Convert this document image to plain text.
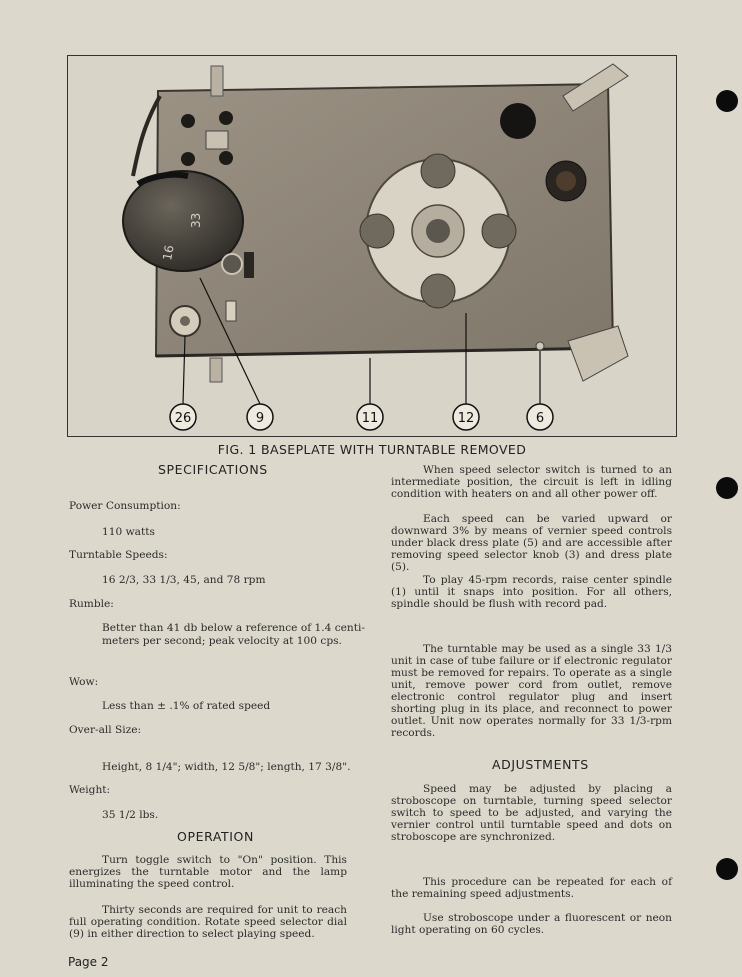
33
16
26	9	11	12	6
FIG. 1 BASEPLATE WITH TURNTABLE REMOVED
SPECIFICATIONS
Power Consumption:
110 watts
Turntable Speeds:
16 2/3, 33 1/3, 45, and 78 rpm
Rumble:
Better than 41 db below a reference of 1.4 centi-
meters per second; peak velocity at 100 cps.
Wow:
Less than ± .1% of rated speed
Over-all Size:
Height, 8 1/4"; width, 12 5/8"; length, 17 3/8".
Weight:
35 1/2 lbs.
OPERATION

Turn toggle switch to "On" position. This energizes the turntable motor and the lamp illuminating the speed control.

Thirty seconds are required for unit to reach full operating condition. Rotate speed selector dial (9) in either direction to select playing speed.

When speed selector switch is turned to an intermediate position, the circuit is left in idling condition with heaters on and all other power off.

Each speed can be varied upward or downward 3% by means of vernier speed controls under black dress plate (5) and are accessible after removing speed selector knob (3) and dress plate (5).

To play 45-rpm records, raise center spindle (1) until it snaps into position. For all others, spindle should be flush with record pad.

The turntable may be used as a single 33 1/3 unit in case of tube failure or if electronic regulator must be removed for repairs. To operate as a single unit, remove power cord from outlet, remove electronic control regulator plug and insert shorting plug in its place, and reconnect to power outlet. Unit now operates normally for 33 1/3-rpm records.

ADJUSTMENTS

Speed may be adjusted by placing a stroboscope on turntable, turning speed selector switch to speed to be adjusted, and varying the vernier control until turntable speed and dots on stroboscope are synchronized.

This procedure can be repeated for each of the remaining speed adjustments.

Use stroboscope under a fluorescent or neon light operating on 60 cycles.

Page 2
